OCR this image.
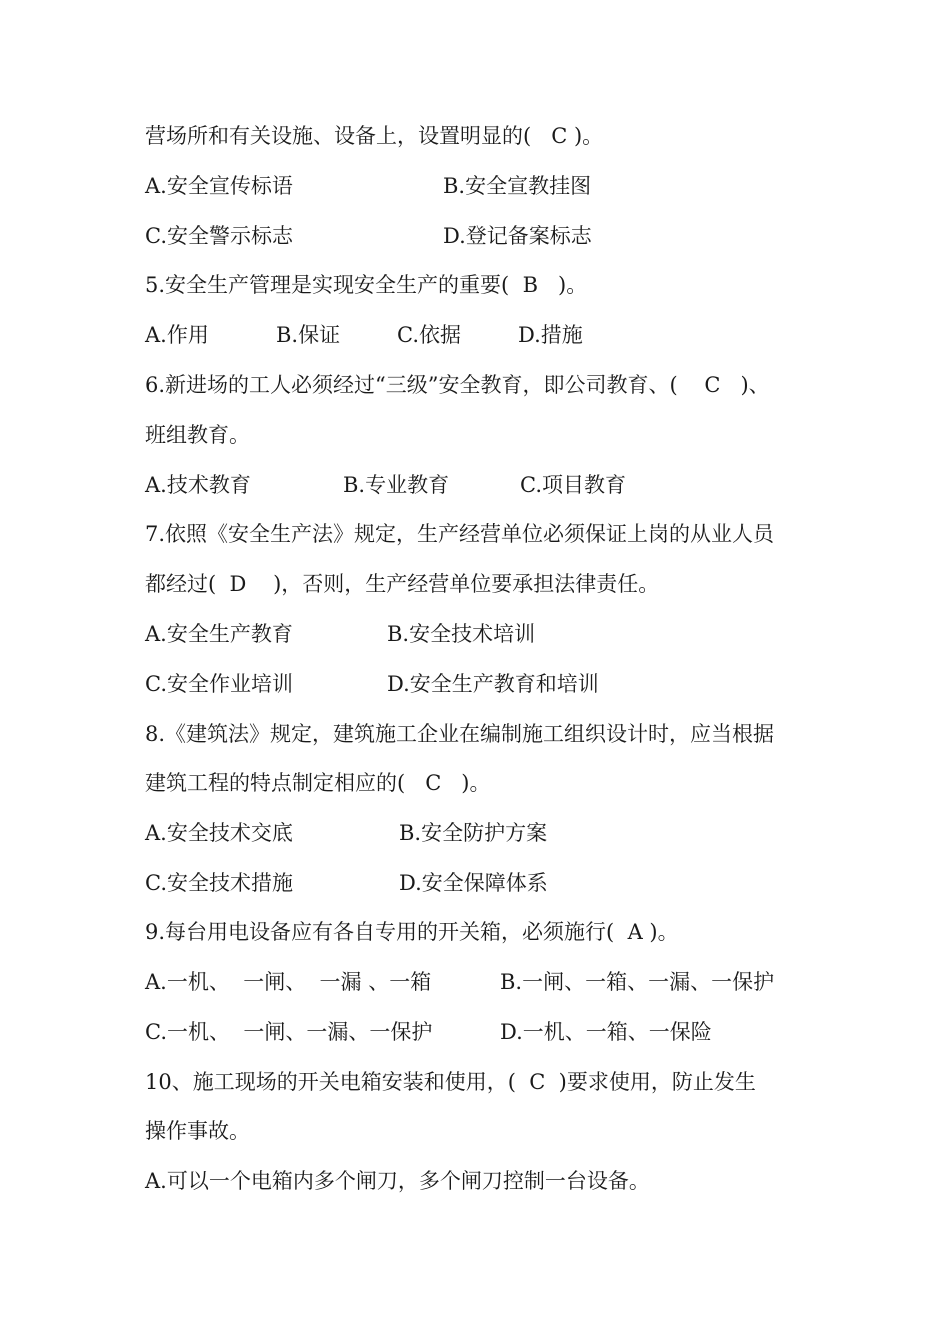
营场所和有关设施、设备上，设置明显的(   C )。

A.安全宣传标语

	B.安全宣教挂图

C.安全警示标志

	D.登记备案标志

5.安全生产管理是实现安全生产的重要(  B   )。

A.作用

	B.保证

	C.依据

	D.措施

6.新进场的工人必须经过“三级”安全教育，即公司教育、(    C   )、
班组教育。

A.技术教育

	B.专业教育

	C.项目教育

7.依照《安全生产法》规定，生产经营单位必须保证上岗的从业人员
都经过(  D    )，否则，生产经营单位要承担法律责任。

A.安全生产教育

	B.安全技术培训

C.安全作业培训

	D.安全生产教育和培训

8.《建筑法》规定，建筑施工企业在编制施工组织设计时，应当根据
建筑工程的特点制定相应的(   C   )。

A.安全技术交底

	B.安全防护方案

C.安全技术措施

	D.安全保障体系

9.每台用电设备应有各自专用的开关箱，必须施行(  A )。

A.一机、  一闸、  一漏 、一箱

	B.一闸、一箱、一漏、一保护

C.一机、  一闸、一漏、一保护

	D.一机、一箱、一保险

10、施工现场的开关电箱安装和使用，(  C  )要求使用，防止发生
操作事故。
A.可以一个电箱内多个闸刀，多个闸刀控制一台设备。
